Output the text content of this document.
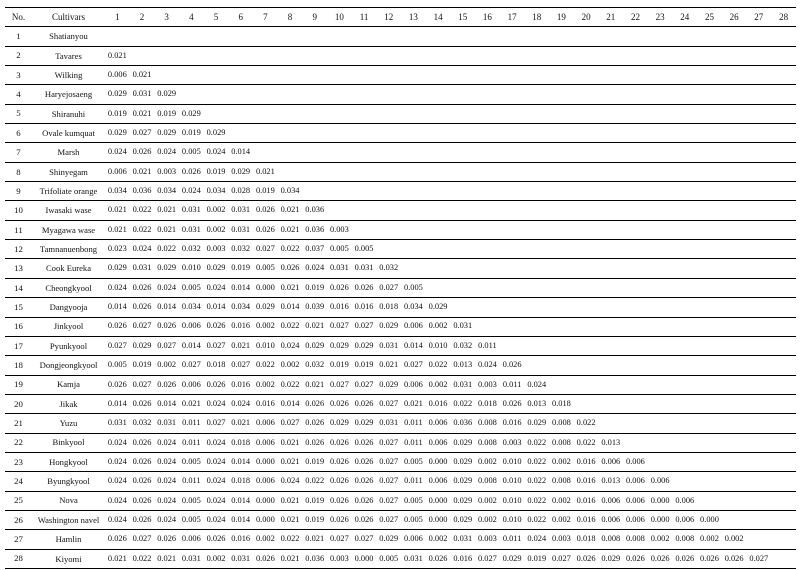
No.	Cultivars	1	2	3	4	5	6	7	8	9	10	11	12	13	14	15	16	17	18	19	20	21	22	23	24	25	26	27	28
1	Shatianyou																												
2	Tavares	0.021																											
3	Wilking	0.006	0.021																										
4	Haryejosaeng	0.029	0.031	0.029																									
5	Shiranuhi	0.019	0.021	0.019	0.029																								
6	Ovale kumquat	0.029	0.027	0.029	0.019	0.029																							
7	Marsh	0.024	0.026	0.024	0.005	0.024	0.014																						
8	Shinyegam	0.006	0.021	0.003	0.026	0.019	0.029	0.021																					
9	Trifoliate orange	0.034	0.036	0.034	0.024	0.034	0.028	0.019	0.034																				
10	Iwasaki wase	0.021	0.022	0.021	0.031	0.002	0.031	0.026	0.021	0.036																			
11	Myagawa wase	0.021	0.022	0.021	0.031	0.002	0.031	0.026	0.021	0.036	0.003																		
12	Tamnanuenbong	0.023	0.024	0.022	0.032	0.003	0.032	0.027	0.022	0.037	0.005	0.005																	
13	Cook Eureka	0.029	0.031	0.029	0.010	0.029	0.019	0.005	0.026	0.024	0.031	0.031	0.032																
14	Cheongkyool	0.024	0.026	0.024	0.005	0.024	0.014	0.000	0.021	0.019	0.026	0.026	0.027	0.005															
15	Dangyooja	0.014	0.026	0.014	0.034	0.014	0.034	0.029	0.014	0.039	0.016	0.016	0.018	0.034	0.029														
16	Jinkyool	0.026	0.027	0.026	0.006	0.026	0.016	0.002	0.022	0.021	0.027	0.027	0.029	0.006	0.002	0.031													
17	Pyunkyool	0.027	0.029	0.027	0.014	0.027	0.021	0.010	0.024	0.029	0.029	0.029	0.031	0.014	0.010	0.032	0.011												
18	Dongjeongkyool	0.005	0.019	0.002	0.027	0.018	0.027	0.022	0.002	0.032	0.019	0.019	0.021	0.027	0.022	0.013	0.024	0.026											
19	Kamja	0.026	0.027	0.026	0.006	0.026	0.016	0.002	0.022	0.021	0.027	0.027	0.029	0.006	0.002	0.031	0.003	0.011	0.024										
20	Jikak	0.014	0.026	0.014	0.021	0.024	0.024	0.016	0.014	0.026	0.026	0.026	0.027	0.021	0.016	0.022	0.018	0.026	0.013	0.018									
21	Yuzu	0.031	0.032	0.031	0.011	0.027	0.021	0.006	0.027	0.026	0.029	0.029	0.031	0.011	0.006	0.036	0.008	0.016	0.029	0.008	0.022								
22	Binkyool	0.024	0.026	0.024	0.011	0.024	0.018	0.006	0.021	0.026	0.026	0.026	0.027	0.011	0.006	0.029	0.008	0.003	0.022	0.008	0.022	0.013							
23	Hongkyool	0.024	0.026	0.024	0.005	0.024	0.014	0.000	0.021	0.019	0.026	0.026	0.027	0.005	0.000	0.029	0.002	0.010	0.022	0.002	0.016	0.006	0.006						
24	Byungkyool	0.024	0.026	0.024	0.011	0.024	0.018	0.006	0.024	0.022	0.026	0.026	0.027	0.011	0.006	0.029	0.008	0.010	0.022	0.008	0.016	0.013	0.006	0.006					
25	Nova	0.024	0.026	0.024	0.005	0.024	0.014	0.000	0.021	0.019	0.026	0.026	0.027	0.005	0.000	0.029	0.002	0.010	0.022	0.002	0.016	0.006	0.006	0.000	0.006				
26	Washington navel	0.024	0.026	0.024	0.005	0.024	0.014	0.000	0.021	0.019	0.026	0.026	0.027	0.005	0.000	0.029	0.002	0.010	0.022	0.002	0.016	0.006	0.006	0.000	0.006	0.000			
27	Hamlin	0.026	0.027	0.026	0.006	0.026	0.016	0.002	0.022	0.021	0.027	0.027	0.029	0.006	0.002	0.031	0.003	0.011	0.024	0.003	0.018	0.008	0.008	0.002	0.008	0.002	0.002		
28	Kiyomi	0.021	0.022	0.021	0.031	0.002	0.031	0.026	0.021	0.036	0.003	0.000	0.005	0.031	0.026	0.016	0.027	0.029	0.019	0.027	0.026	0.029	0.026	0.026	0.026	0.026	0.026	0.027	
